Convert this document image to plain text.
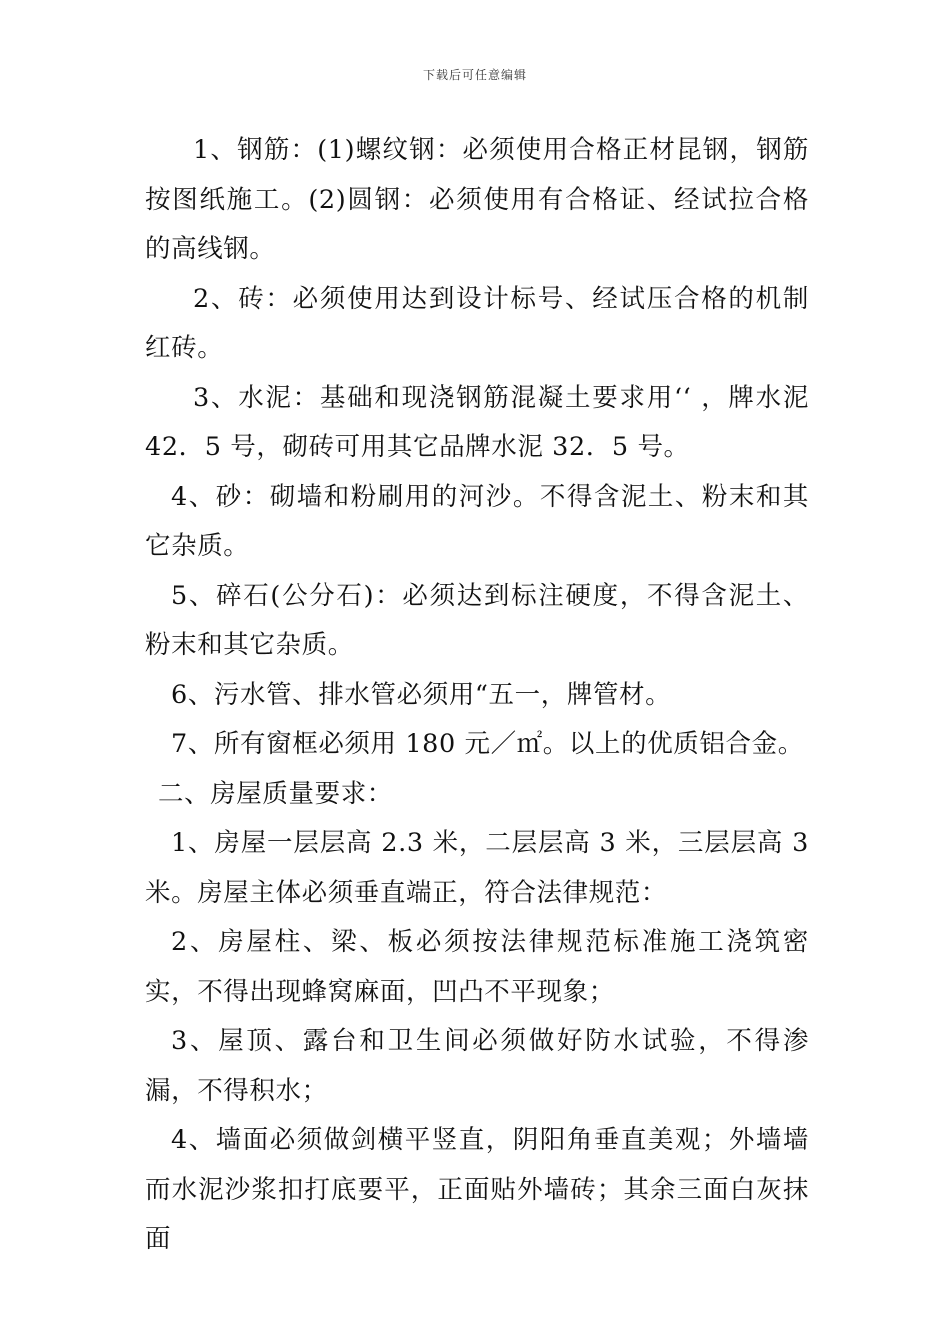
下载后可任意编辑

1、钢筋：(1)螺纹钢：必须使用合格正材昆钢，钢筋按图纸施工。(2)圆钢：必须使用有合格证、经试拉合格的高线钢。

2、砖：必须使用达到设计标号、经试压合格的机制红砖。

3、水泥：基础和现浇钢筋混凝土要求用‘‘ ，牌水泥 42．5 号，砌砖可用其它品牌水泥 32．5 号。

4、砂：砌墙和粉刷用的河沙。不得含泥土、粉末和其它杂质。

5、碎石(公分石)：必须达到标注硬度，不得含泥土、粉末和其它杂质。

6、污水管、排水管必须用“五一，牌管材。

7、所有窗框必须用 180 元／㎡。以上的优质铝合金。

二、房屋质量要求：

1、房屋一层层高 2.3 米，二层层高 3 米，三层层高 3 米。房屋主体必须垂直端正，符合法律规范：

2、房屋柱、梁、板必须按法律规范标准施工浇筑密实，不得出现蜂窝麻面，凹凸不平现象；

3、屋顶、露台和卫生间必须做好防水试验，不得渗漏，不得积水；

4、墙面必须做剑横平竖直，阴阳角垂直美观；外墙墙而水泥沙浆扣打底要平，正面贴外墙砖；其余三面白灰抹面
